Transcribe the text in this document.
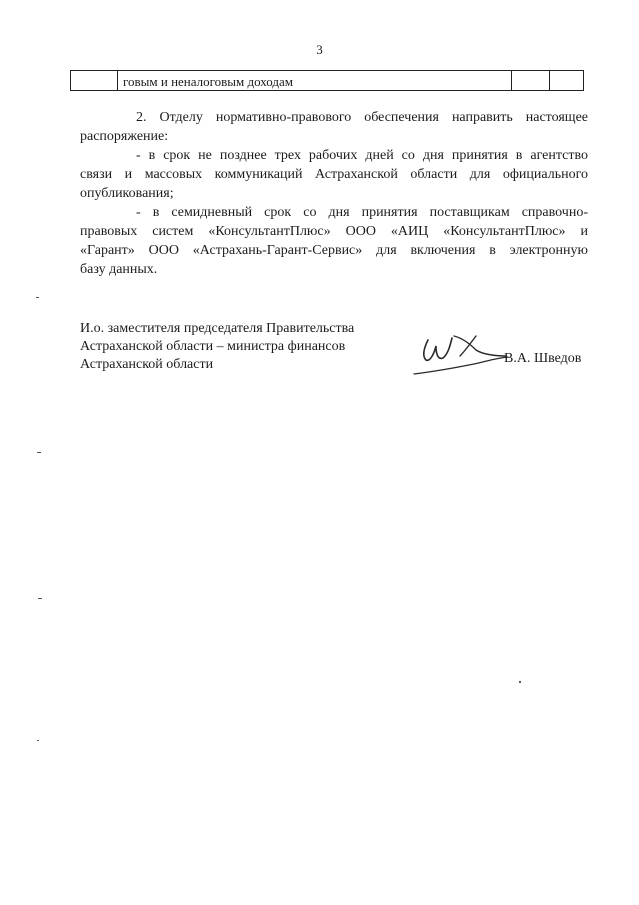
3
говым и неналоговым доходам
2. Отделу нормативно-правового обеспечения направить настоящее
распоряжение:
- в срок не позднее трех рабочих дней со дня принятия в агентство
связи и массовых коммуникаций Астраханской области для официального
опубликования;
- в семидневный срок со дня принятия поставщикам справочно-
правовых систем «КонсультантПлюс» ООО «АИЦ «КонсультантПлюс» и
«Гарант» ООО «Астрахань-Гарант-Сервис» для включения в электронную
базу данных.
И.о. заместителя председателя Правительства
Астраханской области – министра финансов
Астраханской области	В.А. Шведов
